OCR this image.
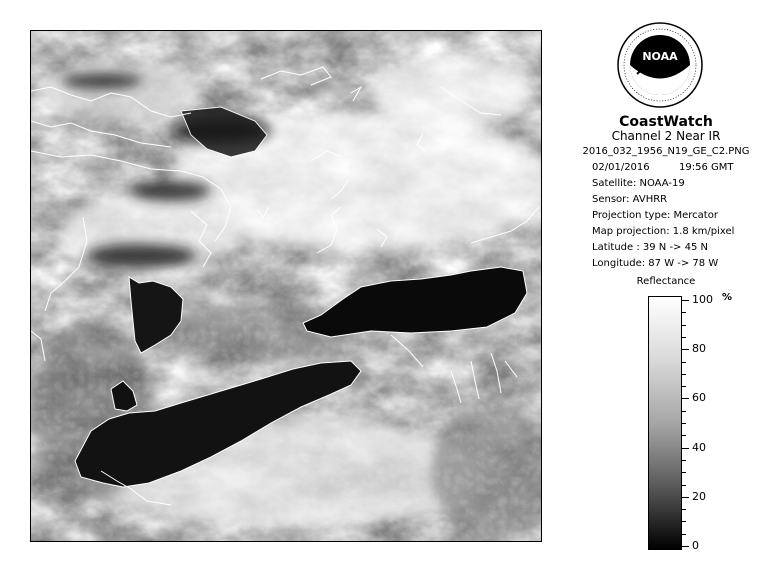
NOAA
CoastWatch
Channel 2 Near IR
2016_032_1956_N19_GE_C2.PNG
02/01/2016	19:56 GMT
Satellite: NOAA-19
Sensor: AVHRR
Projection type: Mercator
Map projection: 1.8 km/pixel
Latitude : 39 N -> 45 N
Longitude: 87 W -> 78 W
Reflectance
%
100
80
60
40
20
0
